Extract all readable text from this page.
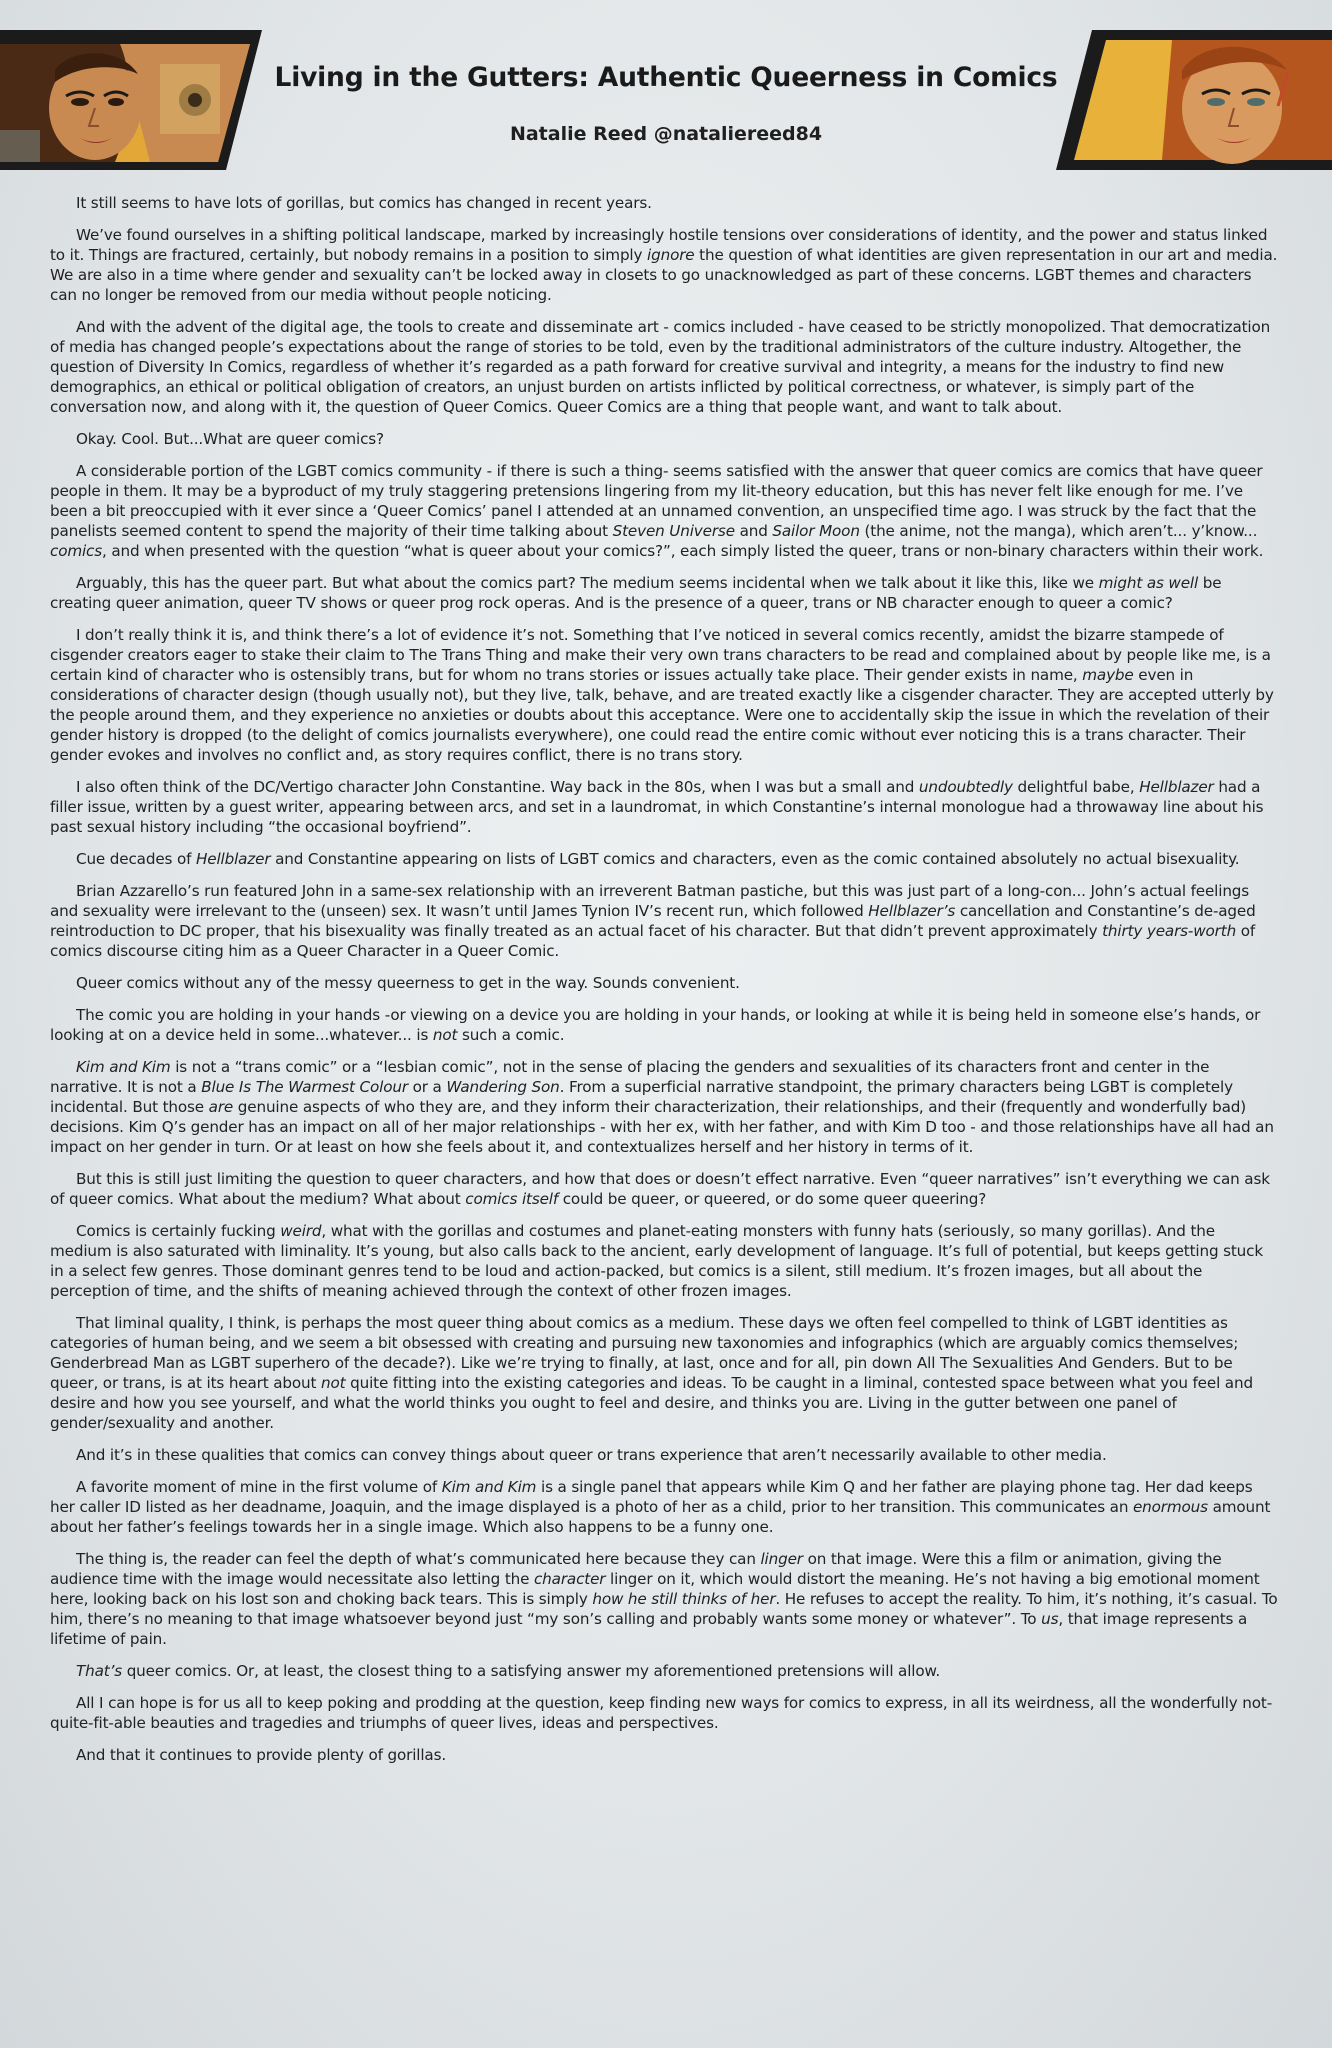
Living in the Gutters: Authentic Queerness in Comics
Natalie Reed @nataliereed84

It still seems to have lots of gorillas, but comics has changed in recent years.

We’ve found ourselves in a shifting political landscape, marked by increasingly hostile tensions over considerations of identity, and the power and status linked to it. Things are fractured, certainly, but nobody remains in a position to simply ignore the question of what identities are given representation in our art and media. We are also in a time where gender and sexuality can’t be locked away in closets to go unacknowledged as part of these concerns. LGBT themes and characters can no longer be removed from our media without people noticing.

And with the advent of the digital age, the tools to create and disseminate art - comics included - have ceased to be strictly monopolized. That democratization of media has changed people’s expectations about the range of stories to be told, even by the traditional administrators of the culture industry. Altogether, the question of Diversity In Comics, regardless of whether it’s regarded as a path forward for creative survival and integrity, a means for the industry to find new demographics, an ethical or political obligation of creators, an unjust burden on artists inflicted by political correctness, or whatever, is simply part of the conversation now, and along with it, the question of Queer Comics. Queer Comics are a thing that people want, and want to talk about.

Okay. Cool. But...What are queer comics?

A considerable portion of the LGBT comics community - if there is such a thing- seems satisfied with the answer that queer comics are comics that have queer people in them. It may be a byproduct of my truly staggering pretensions lingering from my lit-theory education, but this has never felt like enough for me. I’ve been a bit preoccupied with it ever since a ‘Queer Comics’ panel I attended at an unnamed convention, an unspecified time ago. I was struck by the fact that the panelists seemed content to spend the majority of their time talking about Steven Universe and Sailor Moon (the anime, not the manga), which aren’t... y’know... comics, and when presented with the question “what is queer about your comics?”, each simply listed the queer, trans or non-binary characters within their work.

Arguably, this has the queer part. But what about the comics part? The medium seems incidental when we talk about it like this, like we might as well be creating queer animation, queer TV shows or queer prog rock operas. And is the presence of a queer, trans or NB character enough to queer a comic?

I don’t really think it is, and think there’s a lot of evidence it’s not. Something that I’ve noticed in several comics recently, amidst the bizarre stampede of cisgender creators eager to stake their claim to The Trans Thing and make their very own trans characters to be read and complained about by people like me, is a certain kind of character who is ostensibly trans, but for whom no trans stories or issues actually take place. Their gender exists in name, maybe even in considerations of character design (though usually not), but they live, talk, behave, and are treated exactly like a cisgender character. They are accepted utterly by the people around them, and they experience no anxieties or doubts about this acceptance. Were one to accidentally skip the issue in which the revelation of their gender history is dropped (to the delight of comics journalists everywhere), one could read the entire comic without ever noticing this is a trans character. Their gender evokes and involves no conflict and, as story requires conflict, there is no trans story.

I also often think of the DC/Vertigo character John Constantine. Way back in the 80s, when I was but a small and undoubtedly delightful babe, Hellblazer had a filler issue, written by a guest writer, appearing between arcs, and set in a laundromat, in which Constantine’s internal monologue had a throwaway line about his past sexual history including “the occasional boyfriend”.

Cue decades of Hellblazer and Constantine appearing on lists of LGBT comics and characters, even as the comic contained absolutely no actual bisexuality.

Brian Azzarello’s run featured John in a same-sex relationship with an irreverent Batman pastiche, but this was just part of a long-con... John’s actual feelings and sexuality were irrelevant to the (unseen) sex. It wasn’t until James Tynion IV’s recent run, which followed Hellblazer’s cancellation and Constantine’s de-aged reintroduction to DC proper, that his bisexuality was finally treated as an actual facet of his character. But that didn’t prevent approximately thirty years-worth of comics discourse citing him as a Queer Character in a Queer Comic.

Queer comics without any of the messy queerness to get in the way. Sounds convenient.

The comic you are holding in your hands -or viewing on a device you are holding in your hands, or looking at while it is being held in someone else’s hands, or looking at on a device held in some...whatever... is not such a comic.

Kim and Kim is not a “trans comic” or a “lesbian comic”, not in the sense of placing the genders and sexualities of its characters front and center in the narrative. It is not a Blue Is The Warmest Colour or a Wandering Son. From a superficial narrative standpoint, the primary characters being LGBT is completely incidental. But those are genuine aspects of who they are, and they inform their characterization, their relationships, and their (frequently and wonderfully bad) decisions. Kim Q’s gender has an impact on all of her major relationships - with her ex, with her father, and with Kim D too - and those relationships have all had an impact on her gender in turn. Or at least on how she feels about it, and contextualizes herself and her history in terms of it.

But this is still just limiting the question to queer characters, and how that does or doesn’t effect narrative. Even “queer narratives” isn’t everything we can ask of queer comics. What about the medium? What about comics itself could be queer, or queered, or do some queer queering?

Comics is certainly fucking weird, what with the gorillas and costumes and planet-eating monsters with funny hats (seriously, so many gorillas). And the medium is also saturated with liminality. It’s young, but also calls back to the ancient, early development of language. It’s full of potential, but keeps getting stuck in a select few genres. Those dominant genres tend to be loud and action-packed, but comics is a silent, still medium. It’s frozen images, but all about the perception of time, and the shifts of meaning achieved through the context of other frozen images.

That liminal quality, I think, is perhaps the most queer thing about comics as a medium. These days we often feel compelled to think of LGBT identities as categories of human being, and we seem a bit obsessed with creating and pursuing new taxonomies and infographics (which are arguably comics themselves; Genderbread Man as LGBT superhero of the decade?). Like we’re trying to finally, at last, once and for all, pin down All The Sexualities And Genders. But to be queer, or trans, is at its heart about not quite fitting into the existing categories and ideas. To be caught in a liminal, contested space between what you feel and desire and how you see yourself, and what the world thinks you ought to feel and desire, and thinks you are. Living in the gutter between one panel of gender/sexuality and another.

And it’s in these qualities that comics can convey things about queer or trans experience that aren’t necessarily available to other media.

A favorite moment of mine in the first volume of Kim and Kim is a single panel that appears while Kim Q and her father are playing phone tag. Her dad keeps her caller ID listed as her deadname, Joaquin, and the image displayed is a photo of her as a child, prior to her transition. This communicates an enormous amount about her father’s feelings towards her in a single image. Which also happens to be a funny one.

The thing is, the reader can feel the depth of what’s communicated here because they can linger on that image. Were this a film or animation, giving the audience time with the image would necessitate also letting the character linger on it, which would distort the meaning. He’s not having a big emotional moment here, looking back on his lost son and choking back tears. This is simply how he still thinks of her. He refuses to accept the reality. To him, it’s nothing, it’s casual. To him, there’s no meaning to that image whatsoever beyond just “my son’s calling and probably wants some money or whatever”. To us, that image represents a lifetime of pain.

That’s queer comics. Or, at least, the closest thing to a satisfying answer my aforementioned pretensions will allow.

All I can hope is for us all to keep poking and prodding at the question, keep finding new ways for comics to express, in all its weirdness, all the wonderfully not-quite-fit-able beauties and tragedies and triumphs of queer lives, ideas and perspectives.

And that it continues to provide plenty of gorillas.
